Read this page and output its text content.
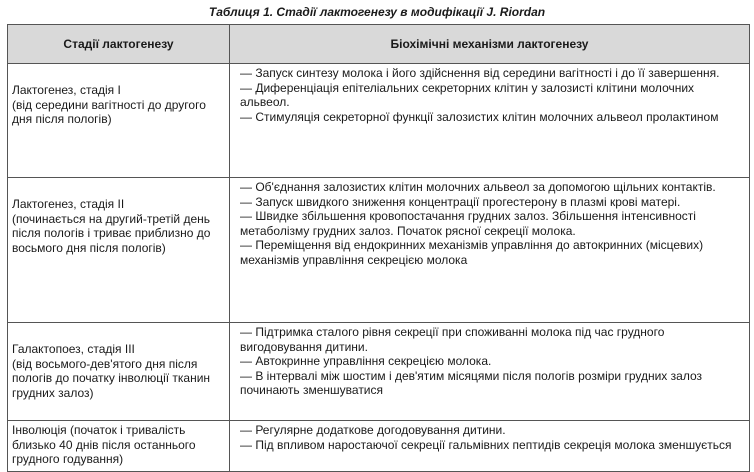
Таблиця 1. Стадії лактогенезу в модифікації J. Riordan
Стадії лактогенезу	Біохімічні механізми лактогенезу

Лактогенез, стадія I
(від середини вагітності до другого дня після пологів)	— Запуск синтезу молока і його здійснення від середини вагітності і до її завершення.
— Диференціація епітеліальних секреторних клітин у залозисті клітини молочних альвеол.
— Стимуляція секреторної функції залозистих клітин молочних альвеол пролактином

Лактогенез, стадія II
(починається на другий-третій день після пологів і триває приблизно до восьмого дня після пологів)	— Об'єднання залозистих клітин молочних альвеол за допомогою щільних контактів.
— Запуск швидкого зниження концентрації прогестерону в плазмі крові матері.
— Швидке збільшення кровопостачання грудних залоз. Збільшення інтенсивності метаболізму грудних залоз. Початок рясної секреції молока.
— Переміщення від ендокринних механізмів управління до автокринних (місцевих) механізмів управління секрецією молока

Галактопоез, стадія III
(від восьмого-дев'ятого дня після пологів до початку інволюції тканин грудних залоз)	— Підтримка сталого рівня секреції при споживанні молока під час грудного вигодовування дитини.
— Автокринне управління секрецією молока.
— В інтервалі між шостим і дев'ятим місяцями після пологів розміри грудних залоз починають зменшуватися

Інволюція (початок і тривалість близько 40 днів після останнього грудного годування)	— Регулярне додаткове догодовування дитини.
— Під впливом наростаючої секреції гальмівних пептидів секреція молока зменшується
